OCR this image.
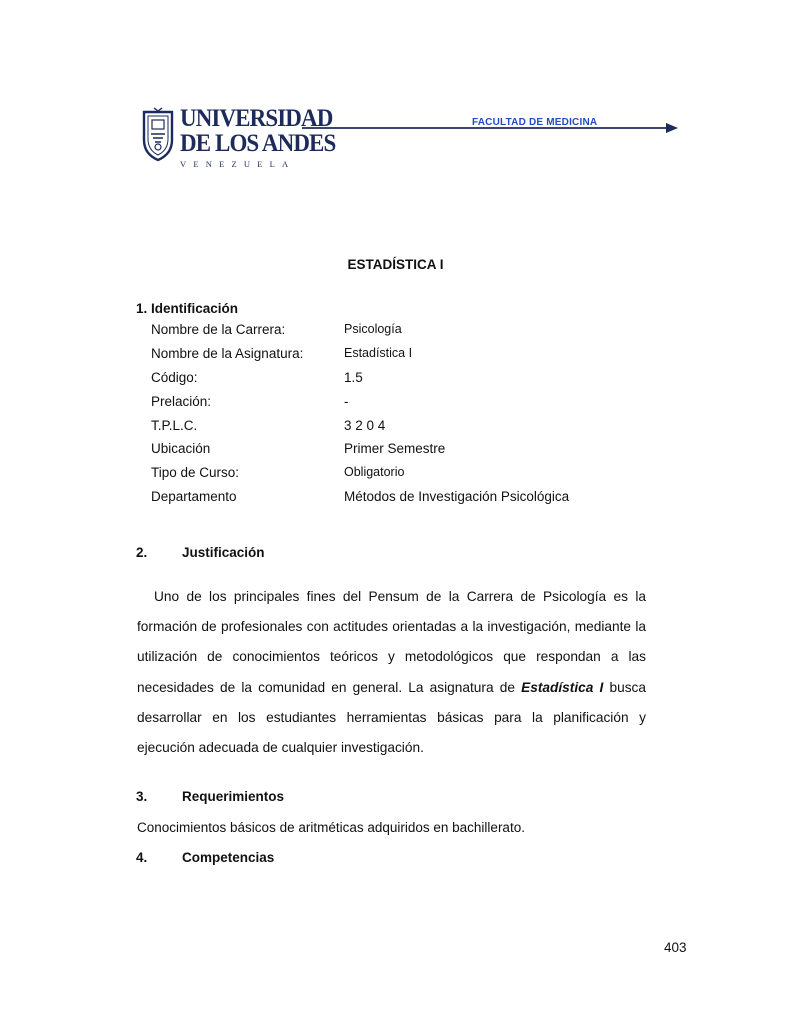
UNIVERSIDAD
DE LOS ANDES
VENEZUELA
FACULTAD DE MEDICINA
ESTADÍSTICA I
1. Identificación
Nombre de la Carrera:	Psicología
Nombre de la Asignatura:	Estadística I
Código:	1.5
Prelación:	-
T.P.L.C.	3 2 0 4
Ubicación	Primer Semestre
Tipo de Curso:	Obligatorio
Departamento	Métodos de Investigación Psicológica
2.	Justificación
Uno de los principales fines del Pensum de la Carrera de Psicología es la formación de profesionales con actitudes orientadas a la investigación, mediante la utilización de conocimientos teóricos y metodológicos que respondan a las necesidades de la comunidad en general. La asignatura de Estadística I busca desarrollar en los estudiantes herramientas básicas para la planificación y ejecución adecuada de cualquier investigación.
3.	Requerimientos
Conocimientos básicos de aritméticas adquiridos en bachillerato.
4.	Competencias
403
